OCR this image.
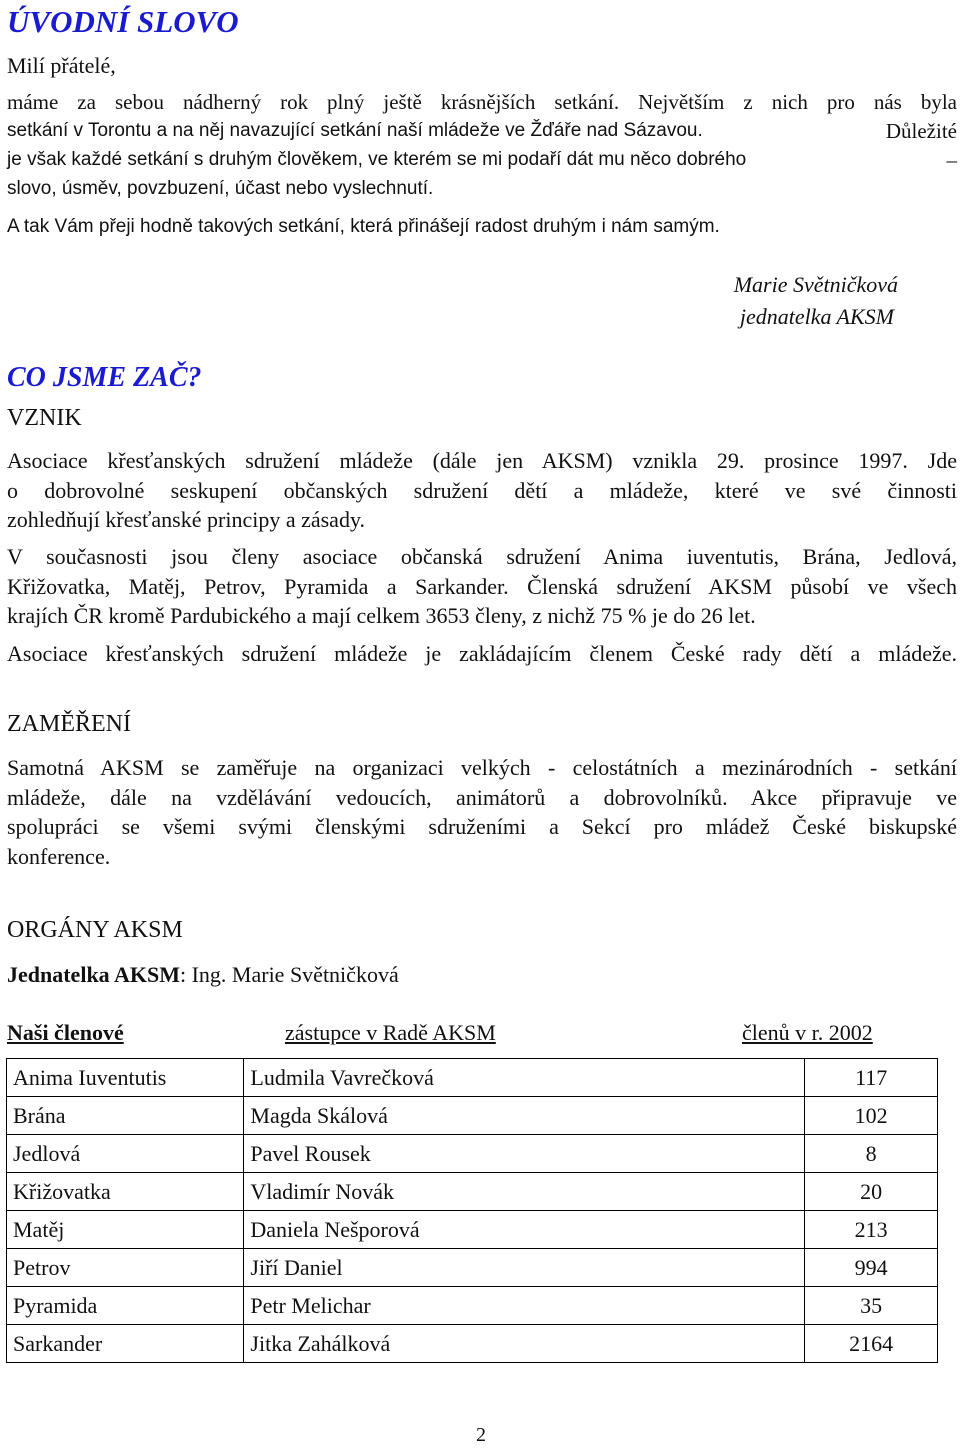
ÚVODNÍ SLOVO
Milí přátelé,
máme za sebou nádherný rok plný ještě krásnějších setkání. Největším z nich pro nás byla
setkání v Torontu a na něj navazující setkání naší mládeže ve Žďáře nad Sázavou.	Důležité
je však každé setkání s druhým člověkem, ve kterém se mi podaří dát mu něco dobrého	–
slovo, úsměv, povzbuzení, účast nebo vyslechnutí.
A tak Vám přeji hodně takových setkání, která přinášejí radost druhým i nám samým.
Marie Světničková
jednatelka AKSM
CO JSME ZAČ?
VZNIK
Asociace křesťanských sdružení mládeže (dále jen AKSM) vznikla 29. prosince 1997. Jde
o dobrovolné seskupení občanských sdružení dětí a mládeže, které ve své činnosti
zohledňují křesťanské principy a zásady.
V současnosti jsou členy asociace občanská sdružení Anima iuventutis, Brána, Jedlová,
Křižovatka, Matěj, Petrov, Pyramida a Sarkander. Členská sdružení AKSM působí ve všech
krajích ČR kromě Pardubického a mají celkem 3653 členy, z nichž 75 % je do 26 let.
Asociace křesťanských sdružení mládeže je zakládajícím členem České rady dětí a mládeže.
ZAMĚŘENÍ
Samotná AKSM se zaměřuje na organizaci velkých - celostátních a mezinárodních - setkání
mládeže, dále na vzdělávání vedoucích, animátorů a dobrovolníků. Akce připravuje ve
spolupráci se všemi svými členskými sdruženími a Sekcí pro mládež České biskupské
konference.
ORGÁNY AKSM
Jednatelka AKSM: Ing. Marie Světničková
Naši členové	zástupce v Radě AKSM	členů v r. 2002
Anima Iuventutis	Ludmila Vavrečková	117
Brána	Magda Skálová	102
Jedlová	Pavel Rousek	8
Křižovatka	Vladimír Novák	20
Matěj	Daniela Nešporová	213
Petrov	Jiří Daniel	994
Pyramida	Petr Melichar	35
Sarkander	Jitka Zahálková	2164
2
